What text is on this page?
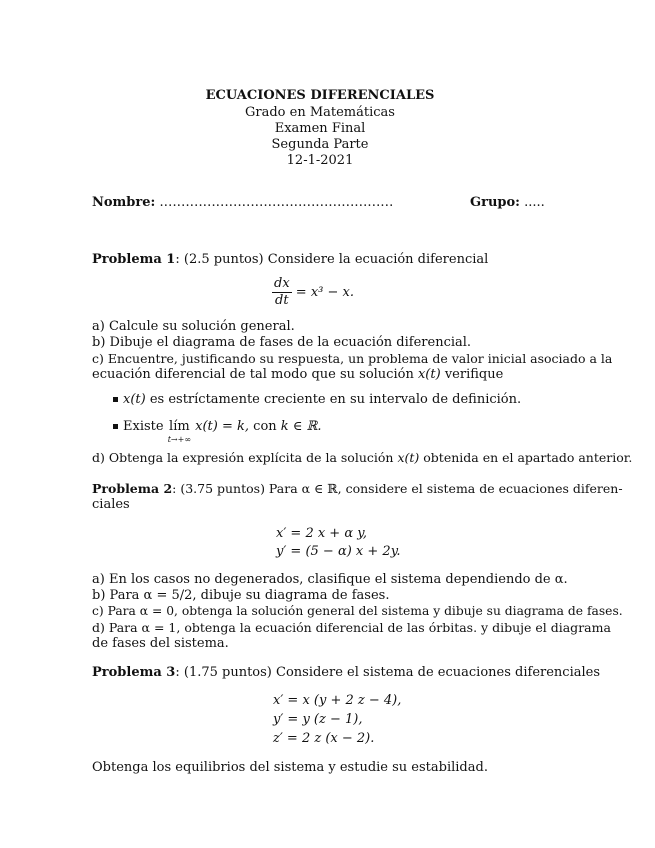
ECUACIONES DIFERENCIALES
Grado en Matemáticas
Examen Final
Segunda Parte
12-1-2021
Nombre: ......................................................	Grupo: .....
Problema 1: (2.5 puntos) Considere la ecuación diferencial
$\frac{dx}{dt} = x^3 - x$.
a) Calcule su solución general.
b) Dibuje el diagrama de fases de la ecuación diferencial.
c) Encuentre, justificando su respuesta, un problema de valor inicial asociado a la
ecuación diferencial de tal modo que su solución x(t) verifique
x(t) es estríctamente creciente en su intervalo de definición.
Existe lím
t→+∞
x(t) = k, con k ∈ ℝ.
d) Obtenga la expresión explícita de la solución x(t) obtenida en el apartado anterior.
Problema 2: (3.75 puntos) Para α ∈ ℝ, considere el sistema de ecuaciones diferen-
ciales
x′ = 2 x + α y,
y′ = (5 − α) x + 2y.
a) En los casos no degenerados, clasifique el sistema dependiendo de α.
b) Para α = 5/2, dibuje su diagrama de fases.
c) Para α = 0, obtenga la solución general del sistema y dibuje su diagrama de fases.
d) Para α = 1, obtenga la ecuación diferencial de las órbitas. y dibuje el diagrama
de fases del sistema.
Problema 3: (1.75 puntos) Considere el sistema de ecuaciones diferenciales
x′ = x (y + 2 z − 4),
y′ = y (z − 1),
z′ = 2 z (x − 2).
Obtenga los equilibrios del sistema y estudie su estabilidad.
